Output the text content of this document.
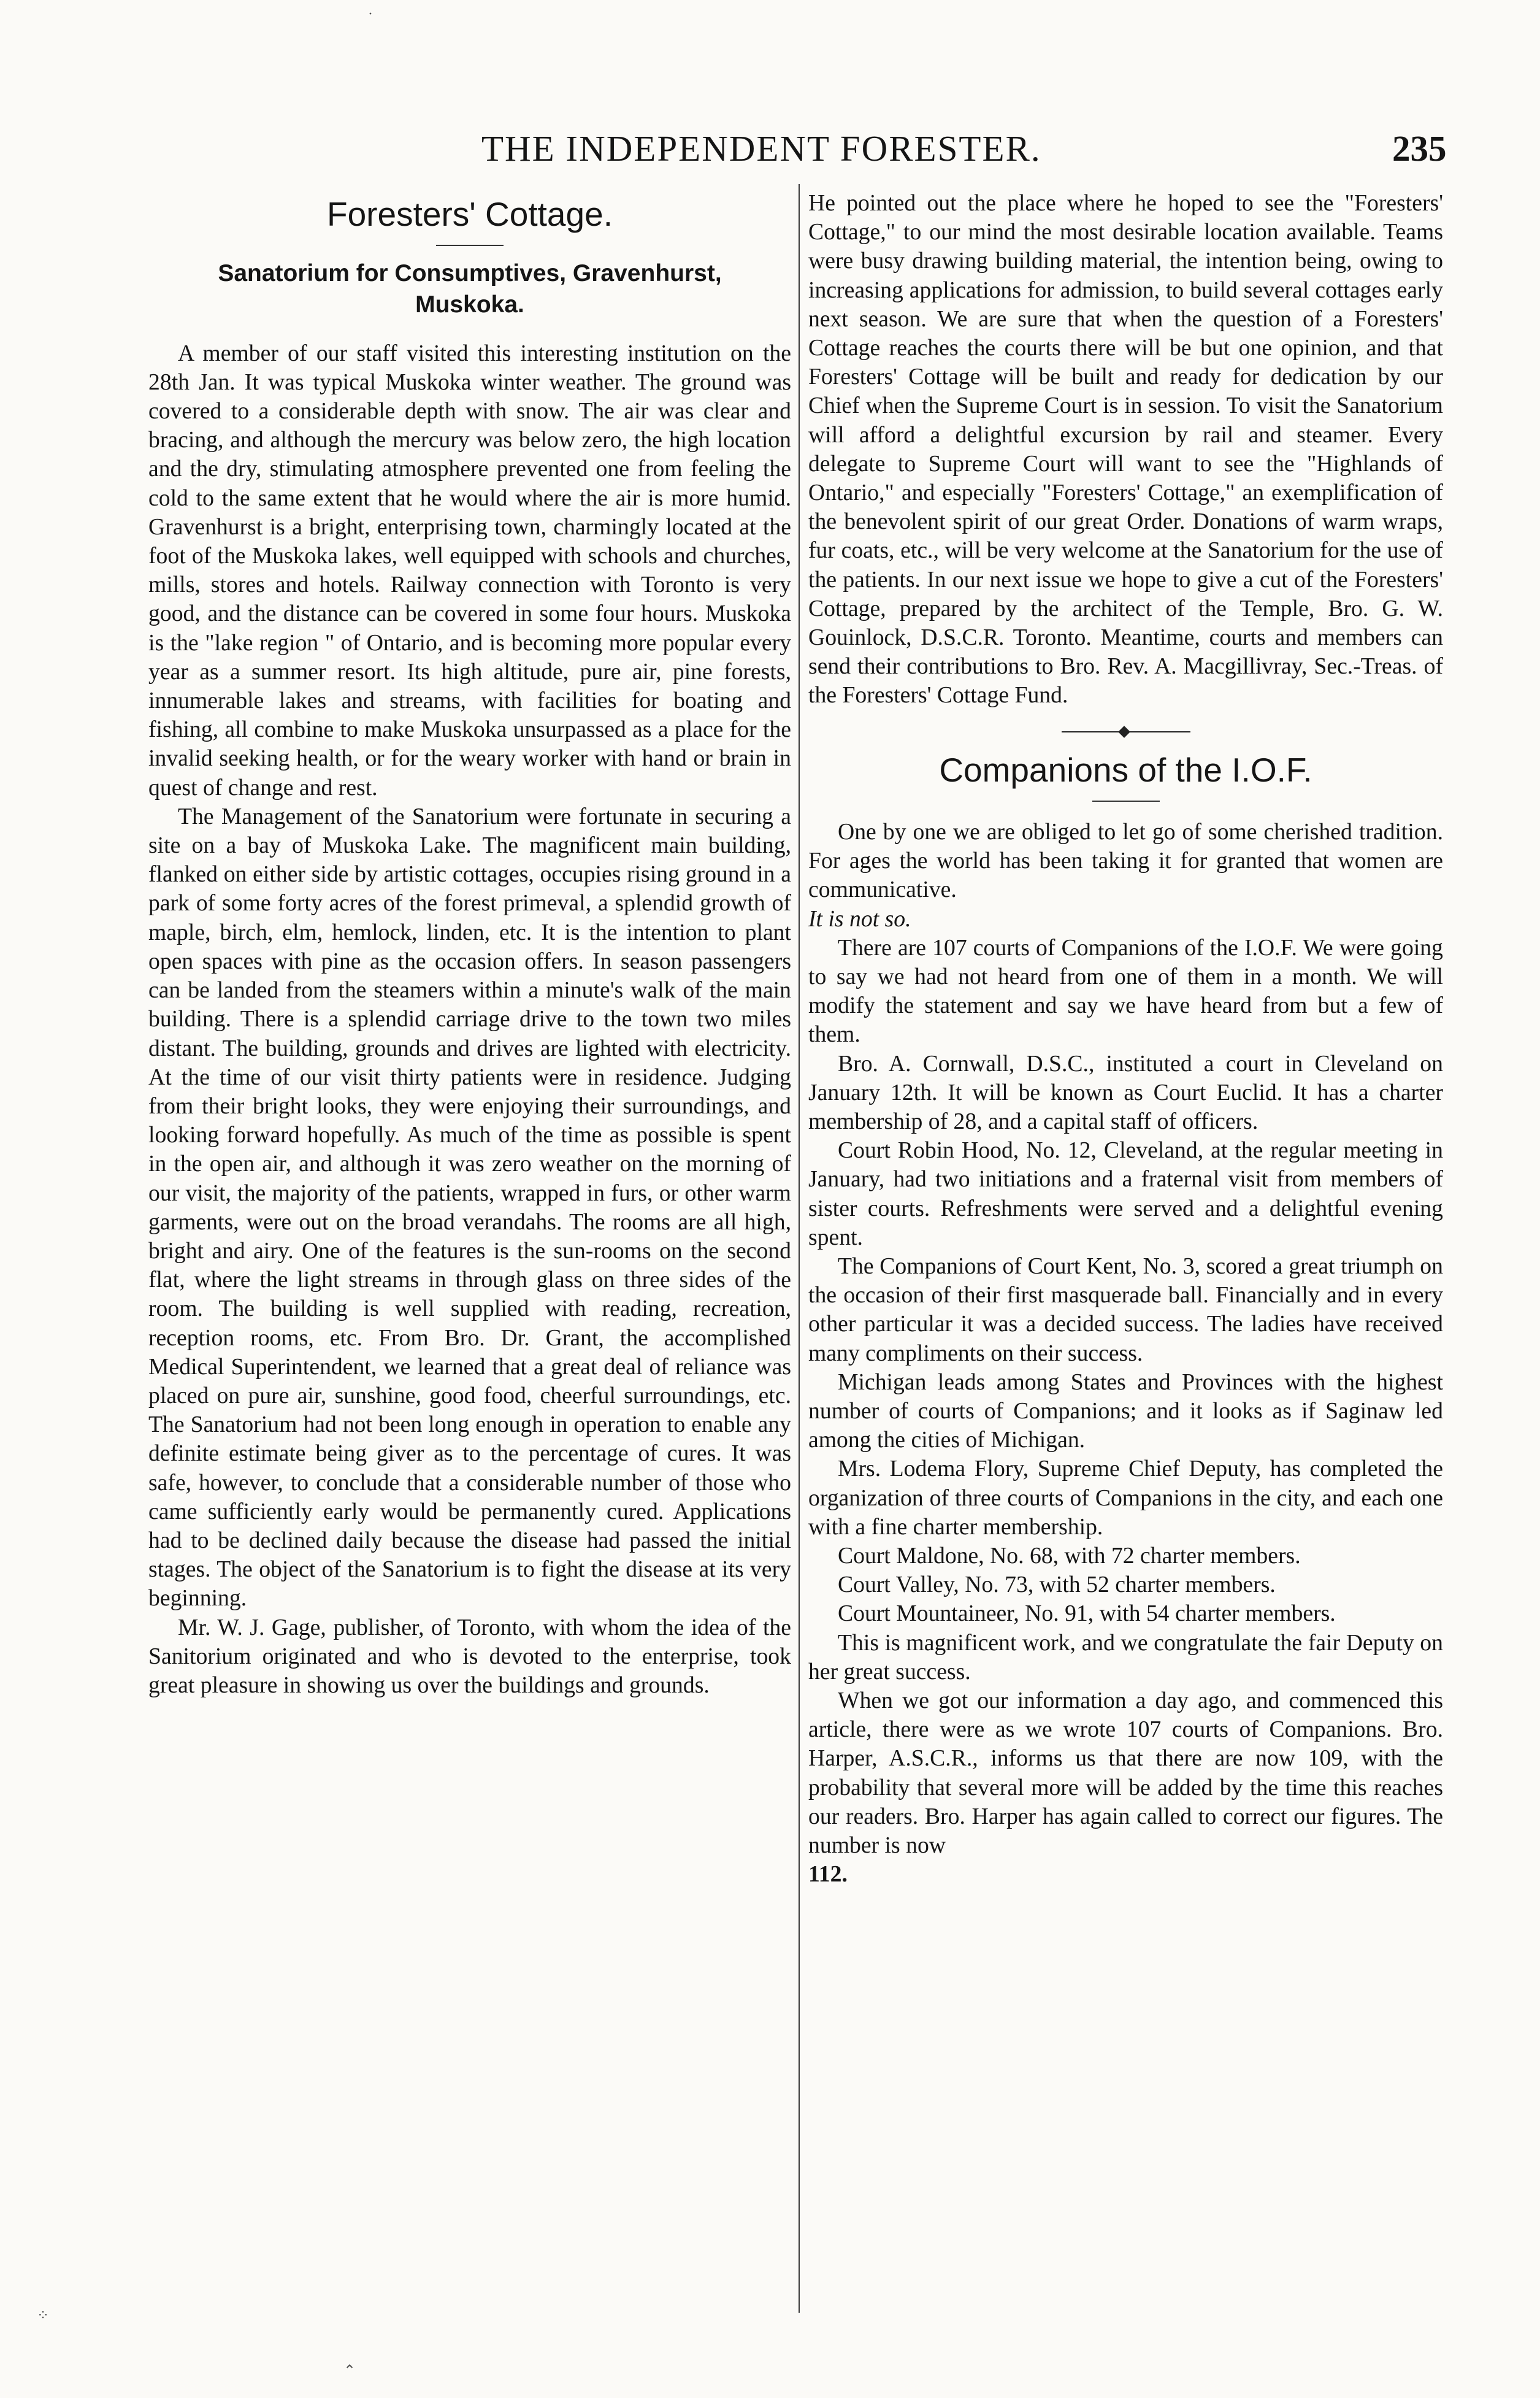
THE INDEPENDENT FORESTER.	235
Foresters' Cottage.
Sanatorium for Consumptives, Gravenhurst, Muskoka.

A member of our staff visited this interesting institution on the 28th Jan. It was typical Muskoka winter weather. The ground was covered to a considerable depth with snow. The air was clear and bracing, and although the mercury was below zero, the high location and the dry, stimulating atmosphere prevented one from feeling the cold to the same extent that he would where the air is more humid. Gravenhurst is a bright, enterprising town, charmingly located at the foot of the Muskoka lakes, well equipped with schools and churches, mills, stores and hotels. Railway connection with Toronto is very good, and the distance can be covered in some four hours. Muskoka is the "lake region " of Ontario, and is becoming more popular every year as a summer resort. Its high altitude, pure air, pine forests, innumerable lakes and streams, with facilities for boating and fishing, all combine to make Muskoka unsurpassed as a place for the invalid seeking health, or for the weary worker with hand or brain in quest of change and rest.

The Management of the Sanatorium were fortunate in securing a site on a bay of Muskoka Lake. The magnificent main building, flanked on either side by artistic cottages, occupies rising ground in a park of some forty acres of the forest primeval, a splendid growth of maple, birch, elm, hemlock, linden, etc. It is the intention to plant open spaces with pine as the occasion offers. In season passengers can be landed from the steamers within a minute's walk of the main building. There is a splendid carriage drive to the town two miles distant. The building, grounds and drives are lighted with electricity. At the time of our visit thirty patients were in residence. Judging from their bright looks, they were enjoying their surroundings, and looking forward hopefully. As much of the time as possible is spent in the open air, and although it was zero weather on the morning of our visit, the majority of the patients, wrapped in furs, or other warm garments, were out on the broad verandahs. The rooms are all high, bright and airy. One of the features is the sun-rooms on the second flat, where the light streams in through glass on three sides of the room. The building is well supplied with reading, recreation, reception rooms, etc. From Bro. Dr. Grant, the accomplished Medical Superintendent, we learned that a great deal of reliance was placed on pure air, sunshine, good food, cheerful surroundings, etc. The Sanatorium had not been long enough in operation to enable any definite estimate being giver as to the percentage of cures. It was safe, however, to conclude that a considerable number of those who came sufficiently early would be permanently cured. Applications had to be declined daily because the disease had passed the initial stages. The object of the Sanatorium is to fight the disease at its very beginning.

Mr. W. J. Gage, publisher, of Toronto, with whom the idea of the Sanitorium originated and who is devoted to the enterprise, took great pleasure in showing us over the buildings and grounds.

He pointed out the place where he hoped to see the "Foresters' Cottage," to our mind the most desirable location available. Teams were busy drawing building material, the intention being, owing to increasing applications for admission, to build several cottages early next season. We are sure that when the question of a Foresters' Cottage reaches the courts there will be but one opinion, and that Foresters' Cottage will be built and ready for dedication by our Chief when the Supreme Court is in session. To visit the Sanatorium will afford a delightful excursion by rail and steamer. Every delegate to Supreme Court will want to see the "Highlands of Ontario," and especially "Foresters' Cottage," an exemplification of the benevolent spirit of our great Order. Donations of warm wraps, fur coats, etc., will be very welcome at the Sanatorium for the use of the patients. In our next issue we hope to give a cut of the Foresters' Cottage, prepared by the architect of the Temple, Bro. G. W. Gouinlock, D.S.C.R. Toronto. Meantime, courts and members can send their contributions to Bro. Rev. A. Macgillivray, Sec.-Treas. of the Foresters' Cottage Fund.

Companions of the I.O.F.

One by one we are obliged to let go of some cherished tradition. For ages the world has been taking it for granted that women are communicative.

It is not so.

There are 107 courts of Companions of the I.O.F. We were going to say we had not heard from one of them in a month. We will modify the statement and say we have heard from but a few of them.

Bro. A. Cornwall, D.S.C., instituted a court in Cleveland on January 12th. It will be known as Court Euclid. It has a charter membership of 28, and a capital staff of officers.

Court Robin Hood, No. 12, Cleveland, at the regular meeting in January, had two initiations and a fraternal visit from members of sister courts. Refreshments were served and a delightful evening spent.

The Companions of Court Kent, No. 3, scored a great triumph on the occasion of their first masquerade ball. Financially and in every other particular it was a decided success. The ladies have received many compliments on their success.

Michigan leads among States and Provinces with the highest number of courts of Companions; and it looks as if Saginaw led among the cities of Michigan.

Mrs. Lodema Flory, Supreme Chief Deputy, has completed the organization of three courts of Companions in the city, and each one with a fine charter membership.

Court Maldone, No. 68, with 72 charter members.

Court Valley, No. 73, with 52 charter members.

Court Mountaineer, No. 91, with 54 charter members.

This is magnificent work, and we congratulate the fair Deputy on her great success.

When we got our information a day ago, and commenced this article, there were as we wrote 107 courts of Companions. Bro. Harper, A.S.C.R., informs us that there are now 109, with the probability that several more will be added by the time this reaches our readers. Bro. Harper has again called to correct our figures. The number is now

112.

·
⁘
⌃
